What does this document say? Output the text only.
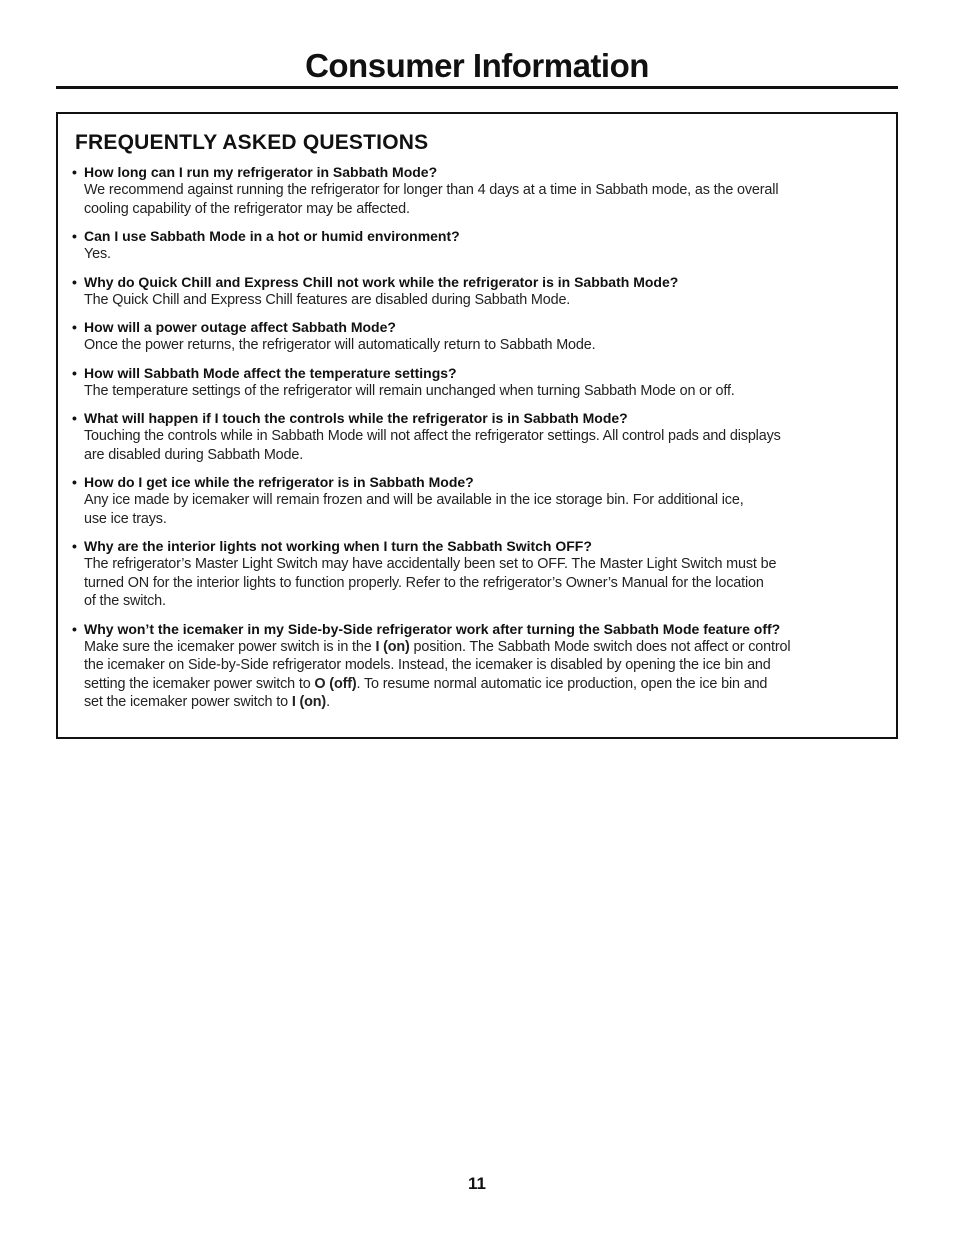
Consumer Information
FREQUENTLY ASKED QUESTIONS
• How long can I run my refrigerator in Sabbath Mode?
We recommend against running the refrigerator for longer than 4 days at a time in Sabbath mode, as the overall
cooling capability of the refrigerator may be affected.
• Can I use Sabbath Mode in a hot or humid environment?
Yes.
• Why do Quick Chill and Express Chill not work while the refrigerator is in Sabbath Mode?
The Quick Chill and Express Chill features are disabled during Sabbath Mode.
• How will a power outage affect Sabbath Mode?
Once the power returns, the refrigerator will automatically return to Sabbath Mode.
• How will Sabbath Mode affect the temperature settings?
The temperature settings of the refrigerator will remain unchanged when turning Sabbath Mode on or off.
• What will happen if I touch the controls while the refrigerator is in Sabbath Mode?
Touching the controls while in Sabbath Mode will not affect the refrigerator settings. All control pads and displays
are disabled during Sabbath Mode.
• How do I get ice while the refrigerator is in Sabbath Mode?
Any ice made by icemaker will remain frozen and will be available in the ice storage bin. For additional ice,
use ice trays.
• Why are the interior lights not working when I turn the Sabbath Switch OFF?
The refrigerator’s Master Light Switch may have accidentally been set to OFF. The Master Light Switch must be
turned ON for the interior lights to function properly. Refer to the refrigerator’s Owner’s Manual for the location
of the switch.
• Why won’t the icemaker in my Side-by-Side refrigerator work after turning the Sabbath Mode feature off?
Make sure the icemaker power switch is in the I (on) position. The Sabbath Mode switch does not affect or control
the icemaker on Side-by-Side refrigerator models. Instead, the icemaker is disabled by opening the ice bin and
setting the icemaker power switch to O (off). To resume normal automatic ice production, open the ice bin and
set the icemaker power switch to I (on).
11
